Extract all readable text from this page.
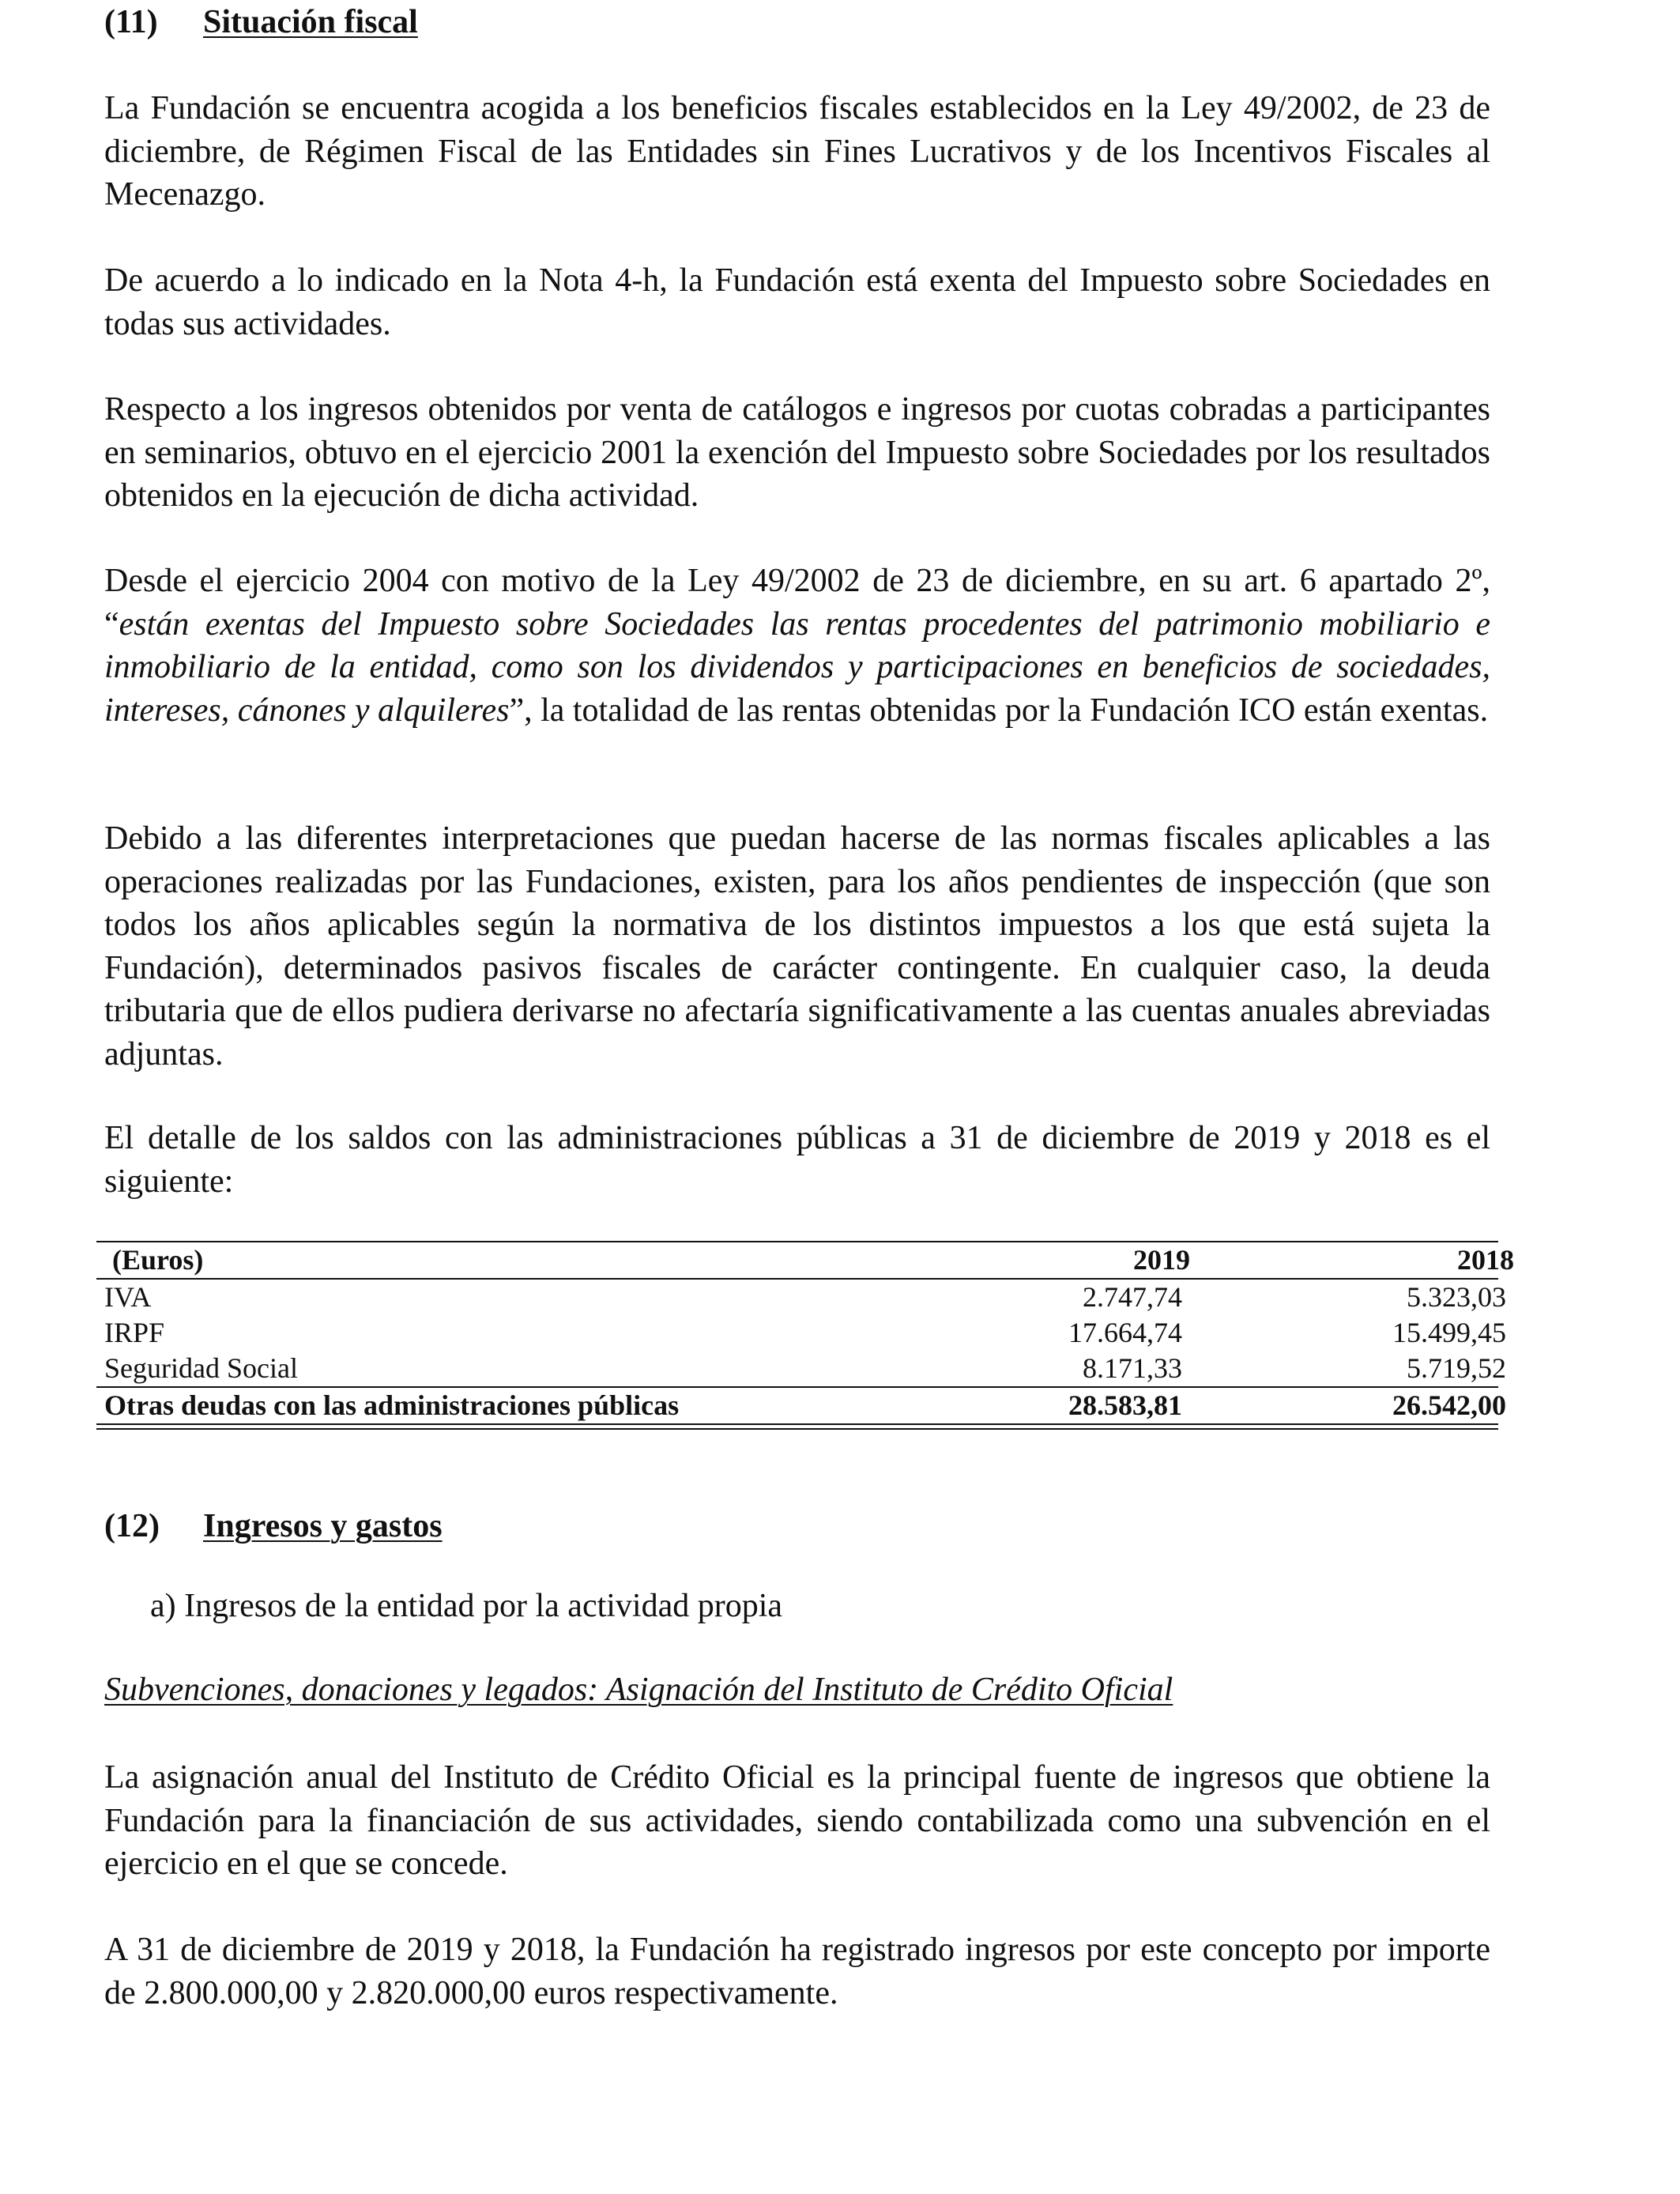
(11) Situación fiscal

La Fundación se encuentra acogida a los beneficios fiscales establecidos en la Ley 49/2002, de 23 de diciembre, de Régimen Fiscal de las Entidades sin Fines Lucrativos y de los Incentivos Fiscales al Mecenazgo.

De acuerdo a lo indicado en la Nota 4-h, la Fundación está exenta del Impuesto sobre Sociedades en todas sus actividades.

Respecto a los ingresos obtenidos por venta de catálogos e ingresos por cuotas cobradas a participantes en seminarios, obtuvo en el ejercicio 2001 la exención del Impuesto sobre Sociedades por los resultados obtenidos en la ejecución de dicha actividad.

Desde el ejercicio 2004 con motivo de la Ley 49/2002 de 23 de diciembre, en su art. 6 apartado 2º, “están exentas del Impuesto sobre Sociedades las rentas procedentes del patrimonio mobiliario e inmobiliario de la entidad, como son los dividendos y participaciones en beneficios de sociedades, intereses, cánones y alquileres”, la totalidad de las rentas obtenidas por la Fundación ICO están exentas.

Debido a las diferentes interpretaciones que puedan hacerse de las normas fiscales aplicables a las operaciones realizadas por las Fundaciones, existen, para los años pendientes de inspección (que son todos los años aplicables según la normativa de los distintos impuestos a los que está sujeta la Fundación), determinados pasivos fiscales de carácter contingente. En cualquier caso, la deuda tributaria que de ellos pudiera derivarse no afectaría significativamente a las cuentas anuales abreviadas adjuntas.

El detalle de los saldos con las administraciones públicas a 31 de diciembre de 2019 y 2018 es el siguiente:

(Euros)	2019	2018
IVA	2.747,74	5.323,03
IRPF	17.664,74	15.499,45
Seguridad Social	8.171,33	5.719,52
Otras deudas con las administraciones públicas	28.583,81	26.542,00
(12) Ingresos y gastos
a) Ingresos de la entidad por la actividad propia
Subvenciones, donaciones y legados: Asignación del Instituto de Crédito Oficial

La asignación anual del Instituto de Crédito Oficial es la principal fuente de ingresos que obtiene la Fundación para la financiación de sus actividades, siendo contabilizada como una subvención en el ejercicio en el que se concede.

A 31 de diciembre de 2019 y 2018, la Fundación ha registrado ingresos por este concepto por importe de 2.800.000,00 y 2.820.000,00 euros respectivamente.
